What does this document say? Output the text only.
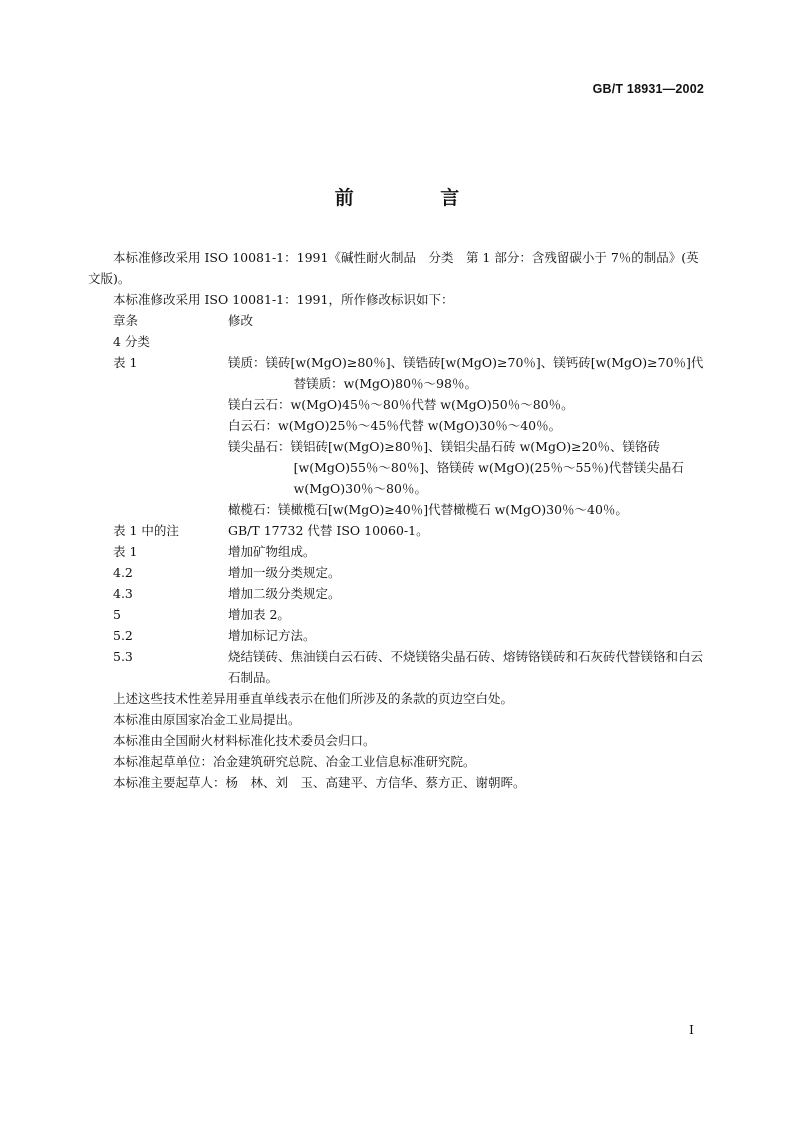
GB/T 18931—2002
前 言

本标准修改采用 ISO 10081-1：1991《碱性耐火制品　分类　第 1 部分：含残留碳小于 7％的制品》(英文版)。

本标准修改采用 ISO 10081-1：1991，所作修改标识如下：

章条	修改
4 分类
表 1	镁质：镁砖[w(MgO)≥80％]、镁锆砖[w(MgO)≥70％]、镁钙砖[w(MgO)≥70％]代替镁质：w(MgO)80％～98％。

镁白云石：w(MgO)45％～80％代替 w(MgO)50％～80％。

白云石：w(MgO)25％～45％代替 w(MgO)30％～40％。

镁尖晶石：镁铝砖[w(MgO)≥80％]、镁铝尖晶石砖 w(MgO)≥20％、镁铬砖[w(MgO)55％～80％]、铬镁砖 w(MgO)(25％～55％)代替镁尖晶石 w(MgO)30％～80％。

橄榄石：镁橄榄石[w(MgO)≥40％]代替橄榄石 w(MgO)30％～40％。

表 1 中的注	GB/T 17732 代替 ISO 10060-1。
表 1	增加矿物组成。
4.2	增加一级分类规定。
4.3	增加二级分类规定。
5	增加表 2。
5.2	增加标记方法。
5.3	烧结镁砖、焦油镁白云石砖、不烧镁铬尖晶石砖、熔铸铬镁砖和石灰砖代替镁铬和白云石制品。

上述这些技术性差异用垂直单线表示在他们所涉及的条款的页边空白处。

本标准由原国家冶金工业局提出。

本标准由全国耐火材料标准化技术委员会归口。

本标准起草单位：冶金建筑研究总院、冶金工业信息标准研究院。

本标准主要起草人：杨　林、刘　玉、高建平、方信华、蔡方正、谢朝晖。

I
